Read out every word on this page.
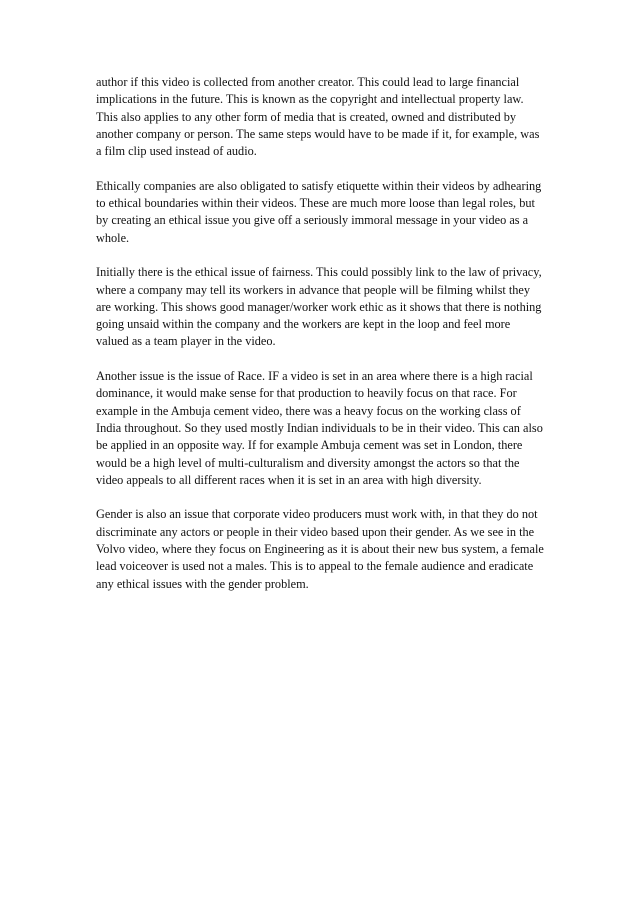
author if this video is collected from another creator. This could lead to large financial implications in the future. This is known as the copyright and intellectual property law. This also applies to any other form of media that is created, owned and distributed by another company or person. The same steps would have to be made if it, for example, was a film clip used instead of audio.

Ethically companies are also obligated to satisfy etiquette within their videos by adhearing to ethical boundaries within their videos. These are much more loose than legal roles, but by creating an ethical issue you give off a seriously immoral message in your video as a whole.

Initially there is the ethical issue of fairness. This could possibly link to the law of privacy, where a company may tell its workers in advance that people will be filming whilst they are working. This shows good manager/worker work ethic as it shows that there is nothing going unsaid within the company and the workers are kept in the loop and feel more valued as a team player in the video.

Another issue is the issue of Race. IF a video is set in an area where there is a high racial dominance, it would make sense for that production to heavily focus on that race. For example in the Ambuja cement video, there was a heavy focus on the working class of India throughout. So they used mostly Indian individuals to be in their video. This can also be applied in an opposite way. If for example Ambuja cement was set in London, there would be a high level of multi-culturalism and diversity amongst the actors so that the video appeals to all different races when it is set in an area with high diversity.

Gender is also an issue that corporate video producers must work with, in that they do not discriminate any actors or people in their video based upon their gender. As we see in the Volvo video, where they focus on Engineering as it is about their new bus system, a female lead voiceover is used not a males. This is to appeal to the female audience and eradicate any ethical issues with the gender problem.
